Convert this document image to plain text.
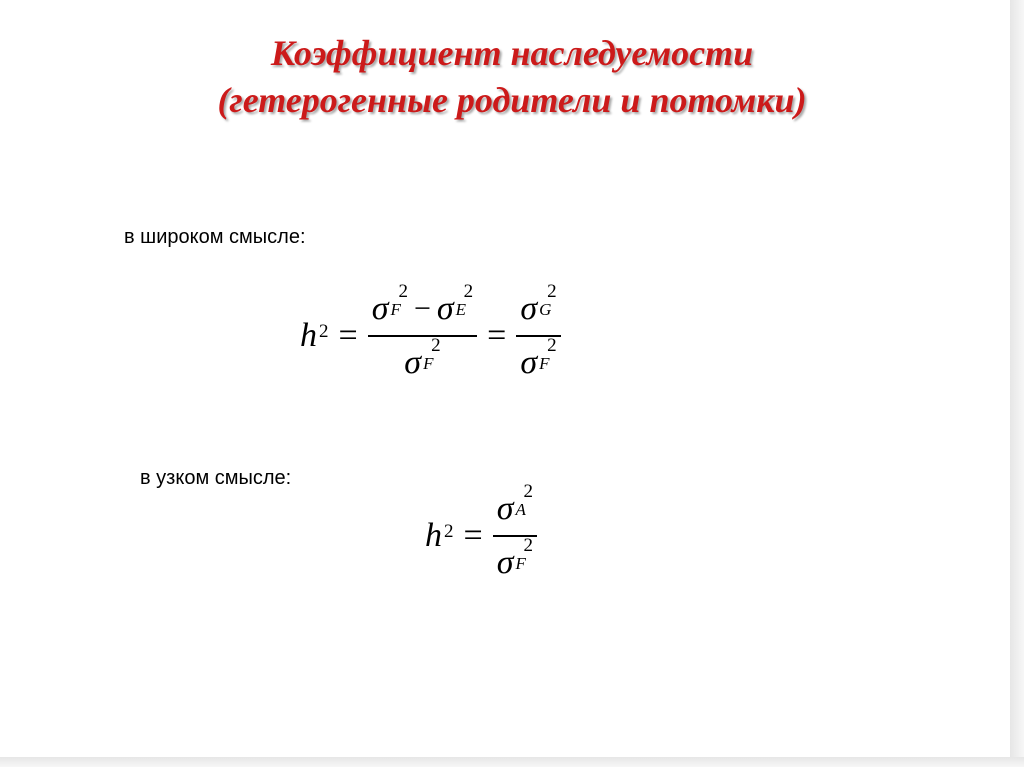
Коэффициент наследуемости
(гетерогенные родители и потомки)
в широком смысле:
h 2 =
σ 2
F − σ 2
E
σ 2
F
= σ 2
G
σ 2
F
в узком смысле:
h 2 = σ 2
A
σ 2
F
